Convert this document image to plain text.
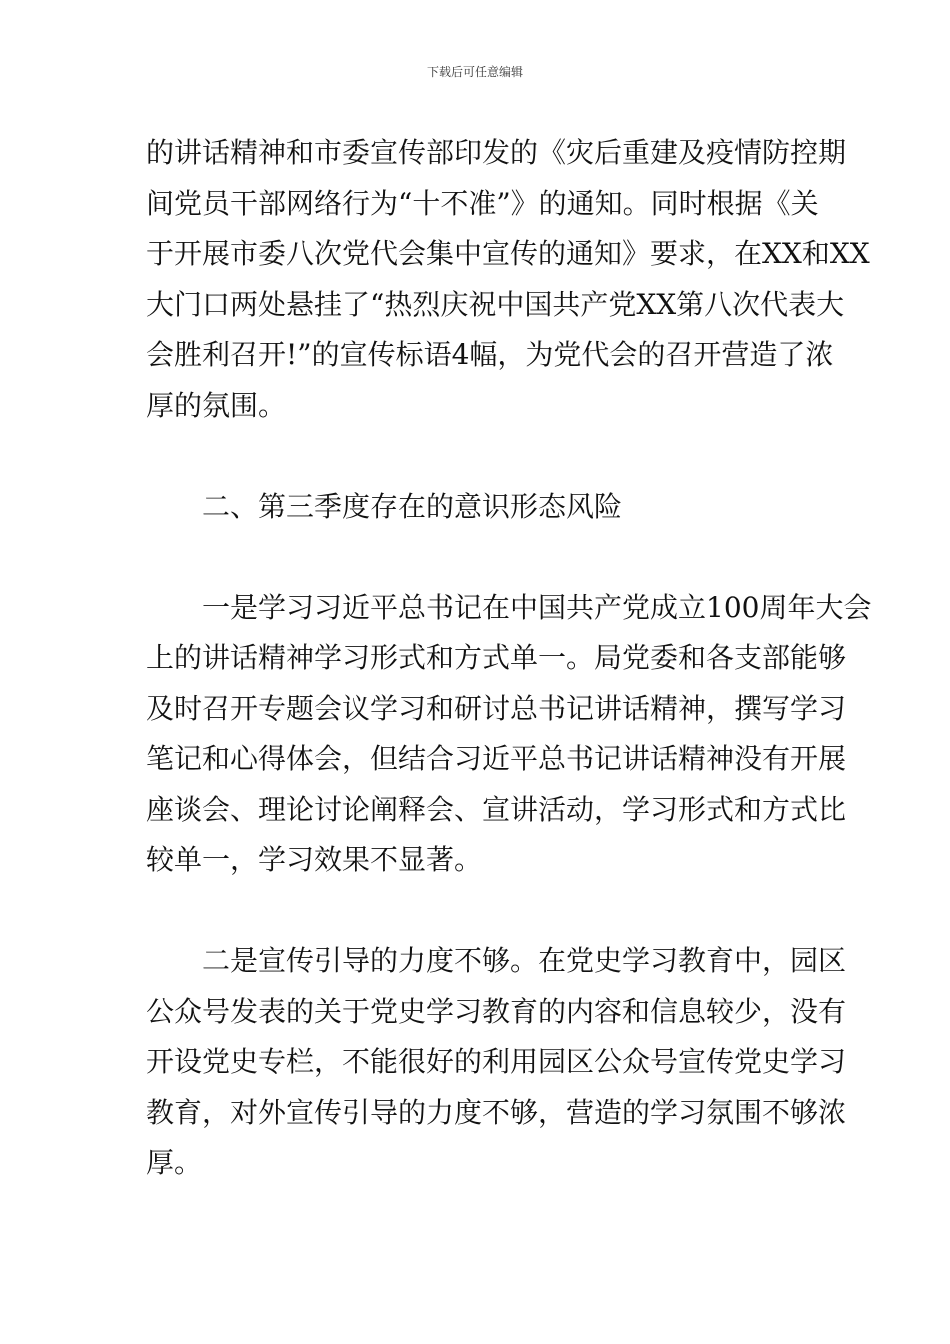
下载后可任意编辑
的讲话精神和市委宣传部印发的《灾后重建及疫情防控期
间党员干部网络行为“十不准”》的通知。同时根据《关
于开展市委八次党代会集中宣传的通知》要求，在XX和XX
大门口两处悬挂了“热烈庆祝中国共产党XX第八次代表大
会胜利召开!”的宣传标语4幅，为党代会的召开营造了浓
厚的氛围。
二、第三季度存在的意识形态风险
一是学习习近平总书记在中国共产党成立100周年大会
上的讲话精神学习形式和方式单一。局党委和各支部能够
及时召开专题会议学习和研讨总书记讲话精神，撰写学习
笔记和心得体会，但结合习近平总书记讲话精神没有开展
座谈会、理论讨论阐释会、宣讲活动，学习形式和方式比
较单一，学习效果不显著。
二是宣传引导的力度不够。在党史学习教育中，园区
公众号发表的关于党史学习教育的内容和信息较少，没有
开设党史专栏，不能很好的利用园区公众号宣传党史学习
教育，对外宣传引导的力度不够，营造的学习氛围不够浓
厚。
